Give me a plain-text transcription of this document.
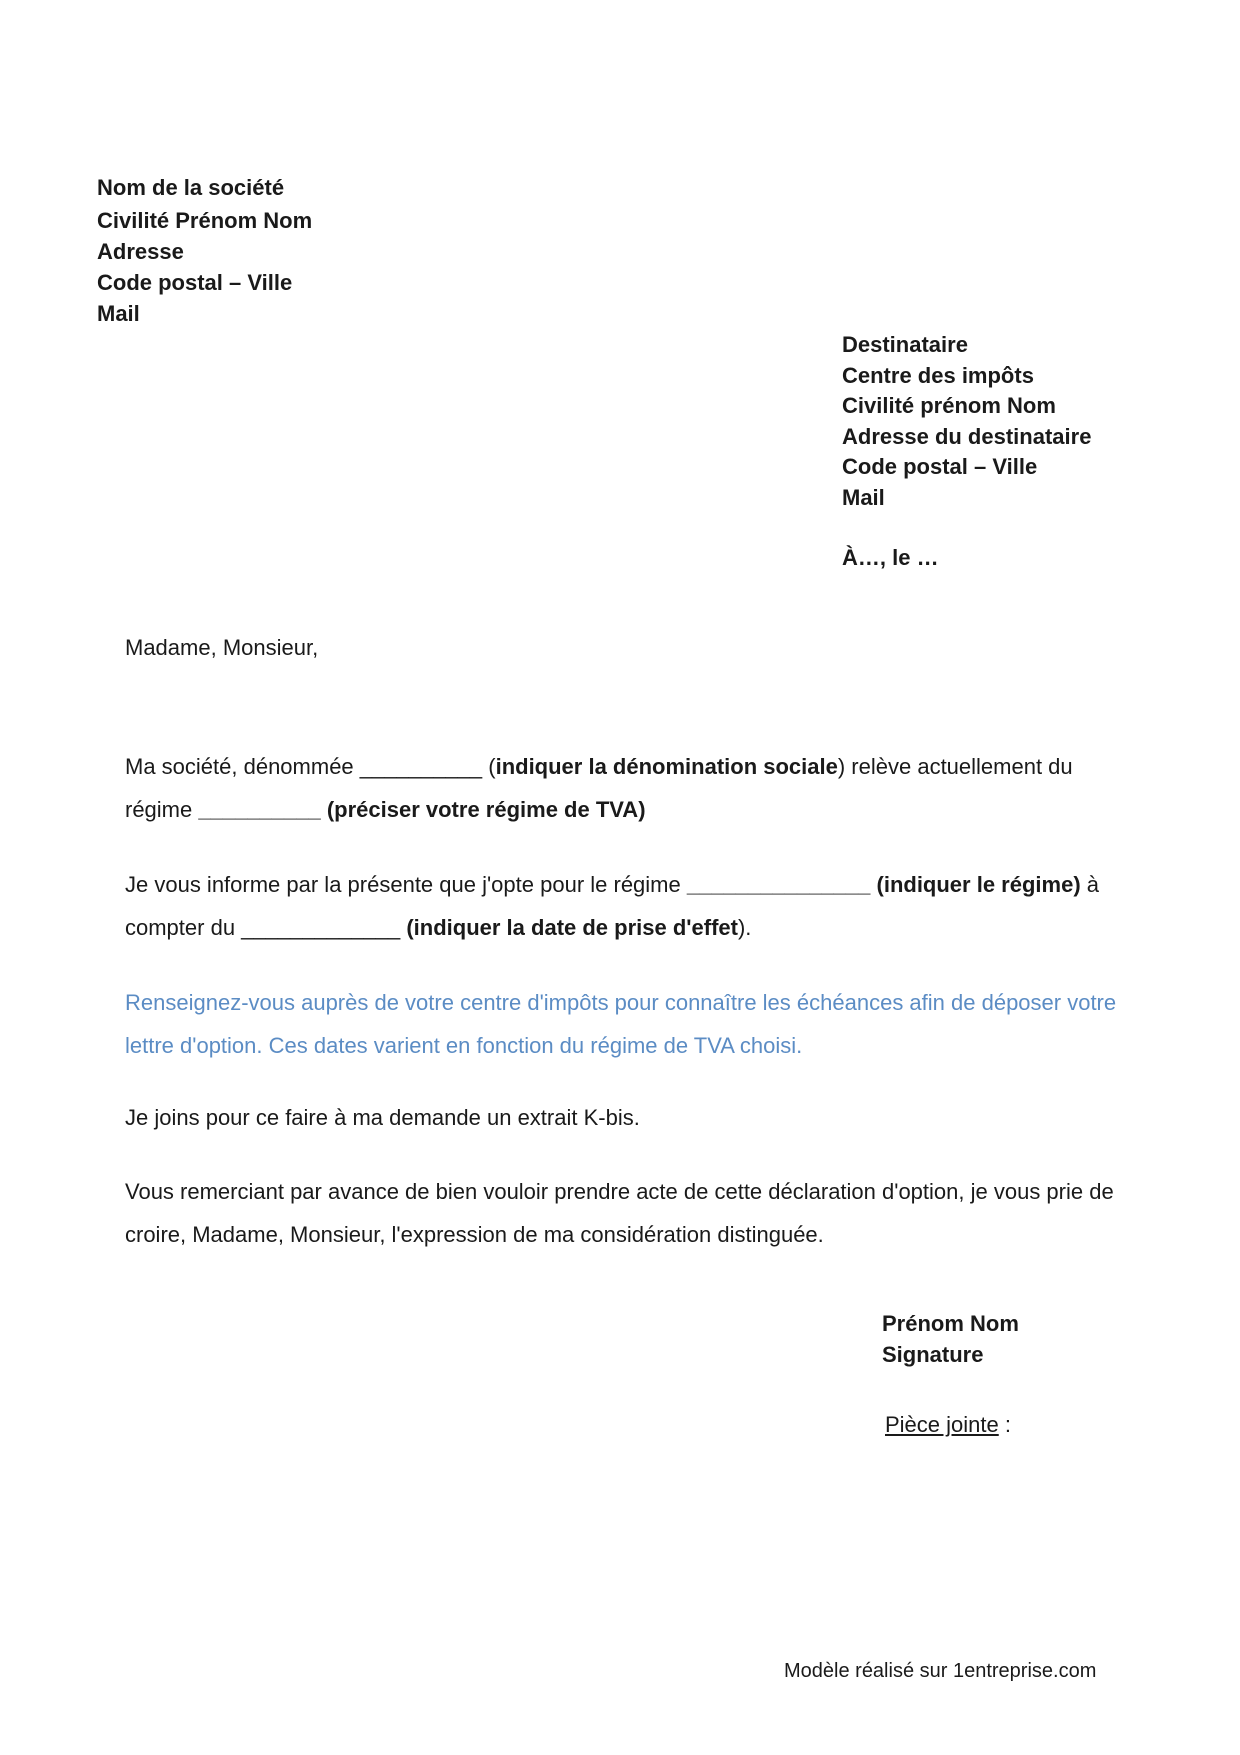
Nom de la société
Civilité Prénom Nom
Adresse
Code postal – Ville
Mail
Destinataire
Centre des impôts
Civilité prénom Nom
Adresse du destinataire
Code postal – Ville
Mail
À…, le …
Madame, Monsieur,
Ma société, dénommée __________ (indiquer la dénomination sociale) relève actuellement du régime __________ (préciser votre régime de TVA)
Je vous informe par la présente que j'opte pour le régime _______________ (indiquer le régime) à compter du _____________ (indiquer la date de prise d'effet).
Renseignez-vous auprès de votre centre d'impôts pour connaître les échéances afin de déposer votre lettre d'option. Ces dates varient en fonction du régime de TVA choisi.
Je joins pour ce faire à ma demande un extrait K-bis.
Vous remerciant par avance de bien vouloir prendre acte de cette déclaration d'option, je vous prie de croire, Madame, Monsieur, l'expression de ma considération distinguée.
Prénom Nom
Signature
Pièce jointe :
Modèle réalisé sur 1entreprise.com
